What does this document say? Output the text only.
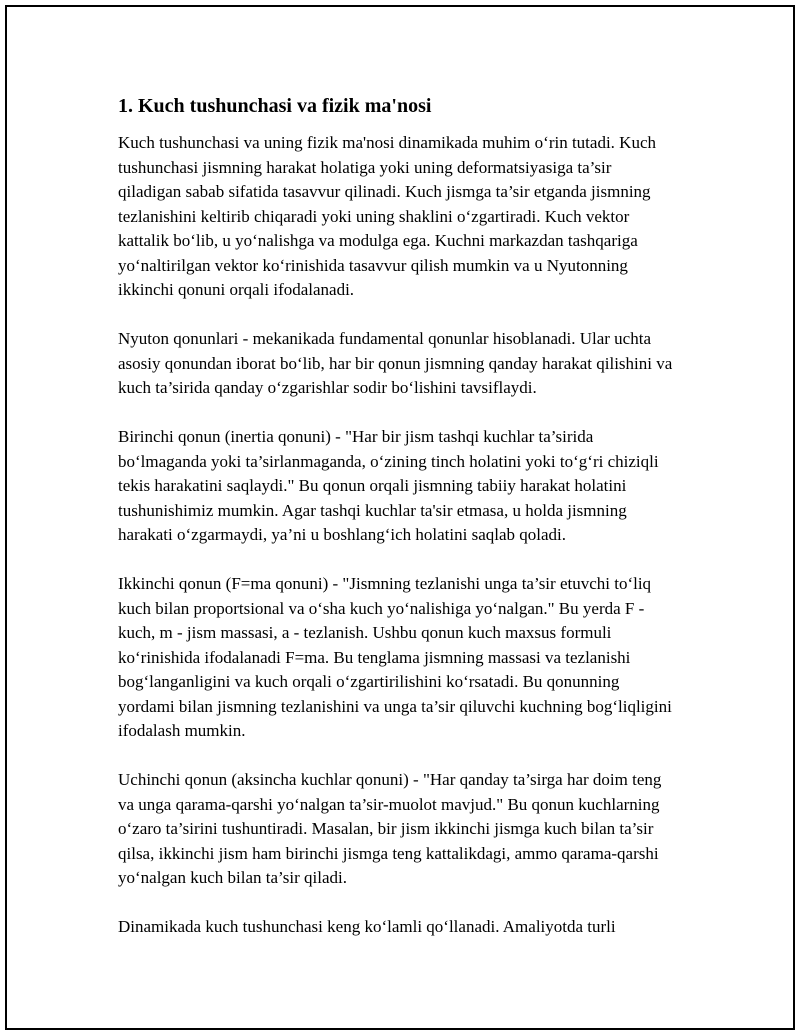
1. Kuch tushunchasi va fizik ma'nosi

Kuch tushunchasi va uning fizik ma'nosi dinamikada muhim o‘rin tutadi. Kuch tushunchasi jismning harakat holatiga yoki uning deformatsiyasiga ta’sir qiladigan sabab sifatida tasavvur qilinadi. Kuch jismga ta’sir etganda jismning tezlanishini keltirib chiqaradi yoki uning shaklini o‘zgartiradi. Kuch vektor kattalik bo‘lib, u yo‘nalishga va modulga ega. Kuchni markazdan tashqariga yo‘naltirilgan vektor ko‘rinishida tasavvur qilish mumkin va u Nyutonning ikkinchi qonuni orqali ifodalanadi.

Nyuton qonunlari - mekanikada fundamental qonunlar hisoblanadi. Ular uchta asosiy qonundan iborat bo‘lib, har bir qonun jismning qanday harakat qilishini va kuch ta’sirida qanday o‘zgarishlar sodir bo‘lishini tavsiflaydi.

Birinchi qonun (inertia qonuni) - "Har bir jism tashqi kuchlar ta’sirida bo‘lmaganda yoki ta’sirlanmaganda, o‘zining tinch holatini yoki to‘g‘ri chiziqli tekis harakatini saqlaydi." Bu qonun orqali jismning tabiiy harakat holatini tushunishimiz mumkin. Agar tashqi kuchlar ta'sir etmasa, u holda jismning harakati o‘zgarmaydi, ya’ni u boshlang‘ich holatini saqlab qoladi.

Ikkinchi qonun (F=ma qonuni) - "Jismning tezlanishi unga ta’sir etuvchi to‘liq kuch bilan proportsional va o‘sha kuch yo‘nalishiga yo‘nalgan." Bu yerda F - kuch, m - jism massasi, a - tezlanish. Ushbu qonun kuch maxsus formuli ko‘rinishida ifodalanadi F=ma. Bu tenglama jismning massasi va tezlanishi bog‘langanligini va kuch orqali o‘zgartirilishini ko‘rsatadi. Bu qonunning yordami bilan jismning tezlanishini va unga ta’sir qiluvchi kuchning bog‘liqligini ifodalash mumkin.

Uchinchi qonun (aksincha kuchlar qonuni) - "Har qanday ta’sirga har doim teng va unga qarama-qarshi yo‘nalgan ta’sir-muolot mavjud." Bu qonun kuchlarning o‘zaro ta’sirini tushuntiradi. Masalan, bir jism ikkinchi jismga kuch bilan ta’sir qilsa, ikkinchi jism ham birinchi jismga teng kattalikdagi, ammo qarama-qarshi yo‘nalgan kuch bilan ta’sir qiladi.

Dinamikada kuch tushunchasi keng ko‘lamli qo‘llanadi. Amaliyotda turli
